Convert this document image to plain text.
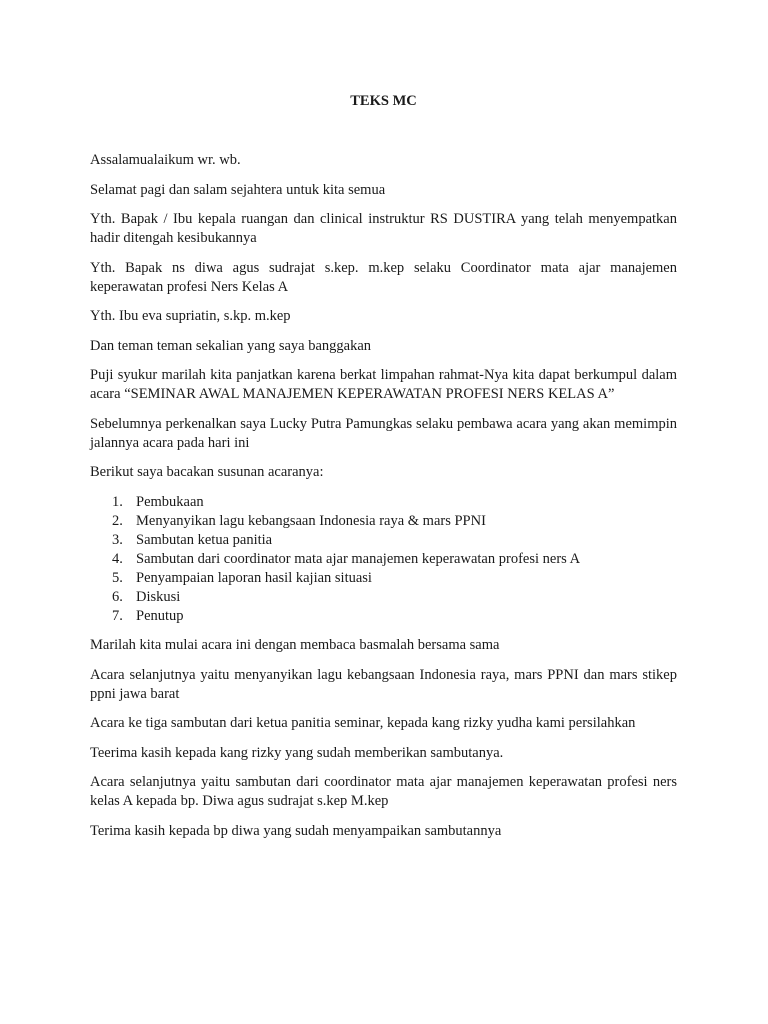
TEKS MC

Assalamualaikum wr. wb.

Selamat pagi dan salam sejahtera untuk kita semua

Yth. Bapak / Ibu kepala ruangan dan clinical instruktur RS DUSTIRA yang telah menyempatkan hadir ditengah kesibukannya

Yth. Bapak ns diwa agus sudrajat s.kep. m.kep selaku Coordinator mata ajar manajemen keperawatan profesi Ners Kelas A

Yth. Ibu eva supriatin, s.kp. m.kep

Dan teman teman sekalian yang saya banggakan

Puji syukur marilah kita panjatkan karena berkat limpahan rahmat-Nya kita dapat berkumpul dalam acara “SEMINAR AWAL MANAJEMEN KEPERAWATAN PROFESI NERS KELAS A”

Sebelumnya perkenalkan saya Lucky Putra Pamungkas selaku pembawa acara yang akan memimpin jalannya acara pada hari ini

Berikut saya bacakan susunan acaranya:

1. Pembukaan
2. Menyanyikan lagu kebangsaan Indonesia raya & mars PPNI
3. Sambutan ketua panitia
4. Sambutan dari coordinator mata ajar manajemen keperawatan profesi ners A
5. Penyampaian laporan hasil kajian situasi
6. Diskusi
7. Penutup

Marilah kita mulai acara ini dengan membaca basmalah bersama sama

Acara selanjutnya yaitu menyanyikan lagu kebangsaan Indonesia raya, mars PPNI dan mars stikep ppni jawa barat

Acara ke tiga sambutan dari ketua panitia seminar, kepada kang rizky yudha kami persilahkan

Teerima kasih kepada kang rizky yang sudah memberikan sambutanya.

Acara selanjutnya yaitu sambutan dari coordinator mata ajar manajemen keperawatan profesi ners kelas A kepada bp. Diwa agus sudrajat s.kep M.kep

Terima kasih kepada bp diwa yang sudah menyampaikan sambutannya
